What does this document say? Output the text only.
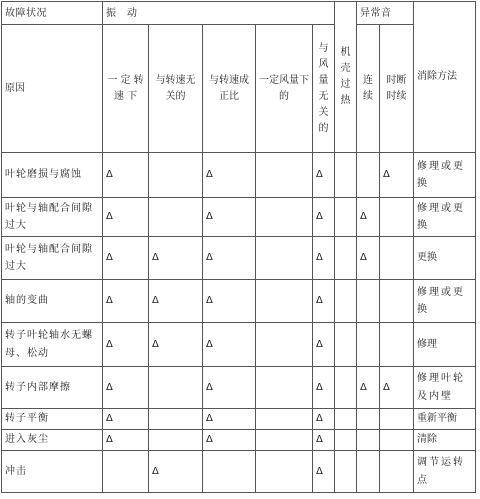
故障状况	振　动					机壳过热	异常音		消除方法
原因	一 定 转 速 下	与转速无关的	与转速成正比	一定风量下的	与风量无关的		连续	时断时续	
叶轮磨损与腐蚀	Δ		Δ		Δ			Δ	修理或更换
叶轮与轴配合间隙过大	Δ		Δ		Δ		Δ		修理或更换
叶轮与轴配合间隙过大	Δ	Δ	Δ		Δ		Δ		更换
轴的变曲	Δ	Δ	Δ		Δ				修理或更换
转子叶轮轴水无螺母、松动	Δ	Δ	Δ		Δ				修理
转子内部摩擦	Δ		Δ		Δ		Δ	Δ	修理叶轮及内壁
转子平衡	Δ		Δ		Δ				重新平衡
进入灰尘	Δ		Δ		Δ				清除
冲击		Δ			Δ				调节运转点
